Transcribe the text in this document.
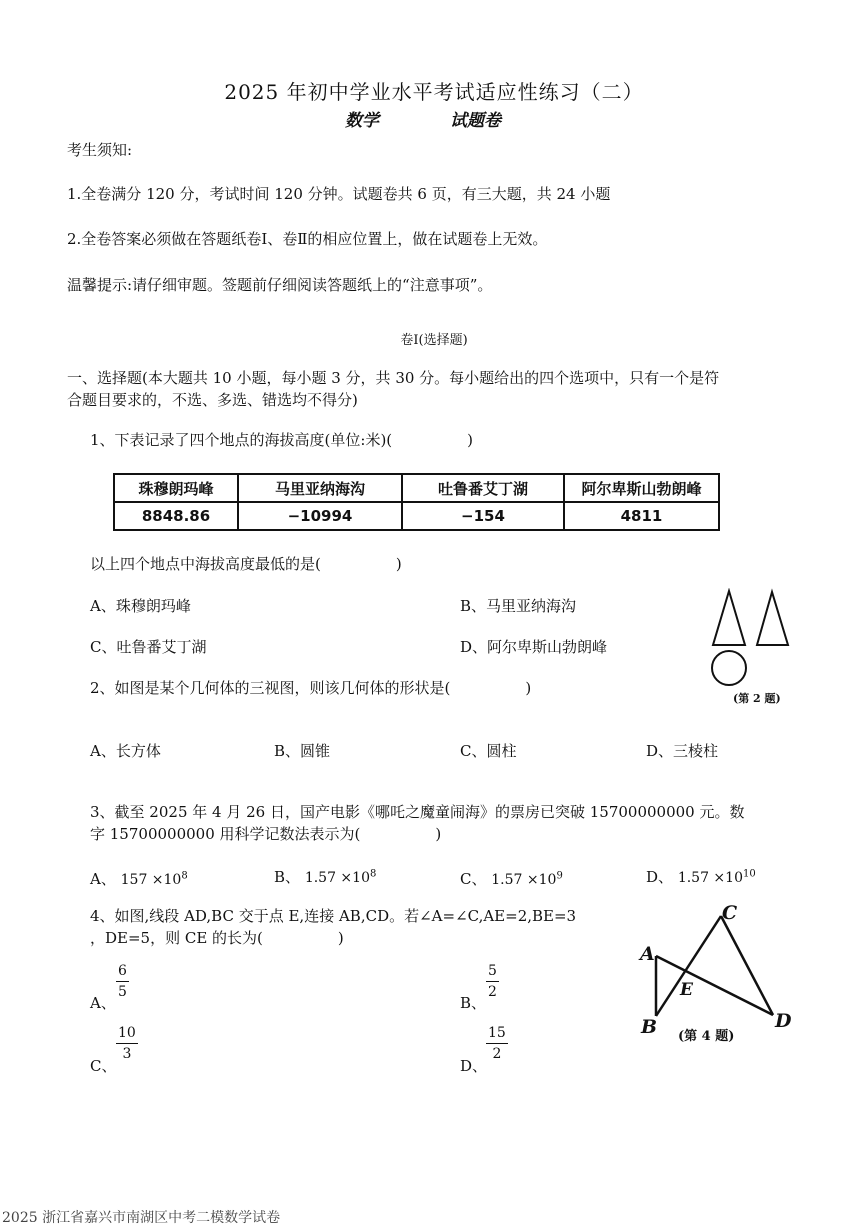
2025 年初中学业水平考试适应性练习（二）
数学	试题卷
考生须知:
1.全卷满分 120 分，考试时间 120 分钟。试题卷共 6 页，有三大题，共 24 小题
2.全卷答案必须做在答题纸卷Ⅰ、卷Ⅱ的相应位置上，做在试题卷上无效。
温馨提示:请仔细审题。签题前仔细阅读答题纸上的“注意事项”。
卷Ⅰ(选择题)
一、选择题(本大题共 10 小题，每小题 3 分，共 30 分。每小题给出的四个选项中，只有一个是符
合题目要求的，不选、多选、错选均不得分)
1、下表记录了四个地点的海拔高度(单位:米)(　　　　　)
珠穆朗玛峰	马里亚纳海沟	吐鲁番艾丁湖	阿尔卑斯山勃朗峰
8848.86	−10994	−154	4811
以上四个地点中海拔高度最低的是(　　　　　)
A、珠穆朗玛峰	B、马里亚纳海沟
C、吐鲁番艾丁湖	D、阿尔卑斯山勃朗峰
(第 2 题)
2、如图是某个几何体的三视图，则该几何体的形状是(　　　　　)
A、长方体	B、圆锥	C、圆柱	D、三棱柱
3、截至 2025 年 4 月 26 日，国产电影《哪吒之魔童闹海》的票房已突破 15700000000 元。数
字 15700000000 用科学记数法表示为(　　　　　)
A、 $157 \times 10^8$	B、 $1.57 \times 10^8$	C、 $1.57 \times 10^9$	D、 $1.57 \times 10^{10}$
4、如图,线段 AD,BC 交于点 E,连接 AB,CD。若∠A=∠C,AE=2,BE=3
，DE=5，则 CE 的长为(　　　　　)
A
B
C
D
E
(第 4 题)
A、
$\frac{6}{5}$
B、
$\frac{5}{2}$
C、
$\frac{10}{3}$
D、
$\frac{15}{2}$
2025 浙江省嘉兴市南湖区中考二模数学试卷
